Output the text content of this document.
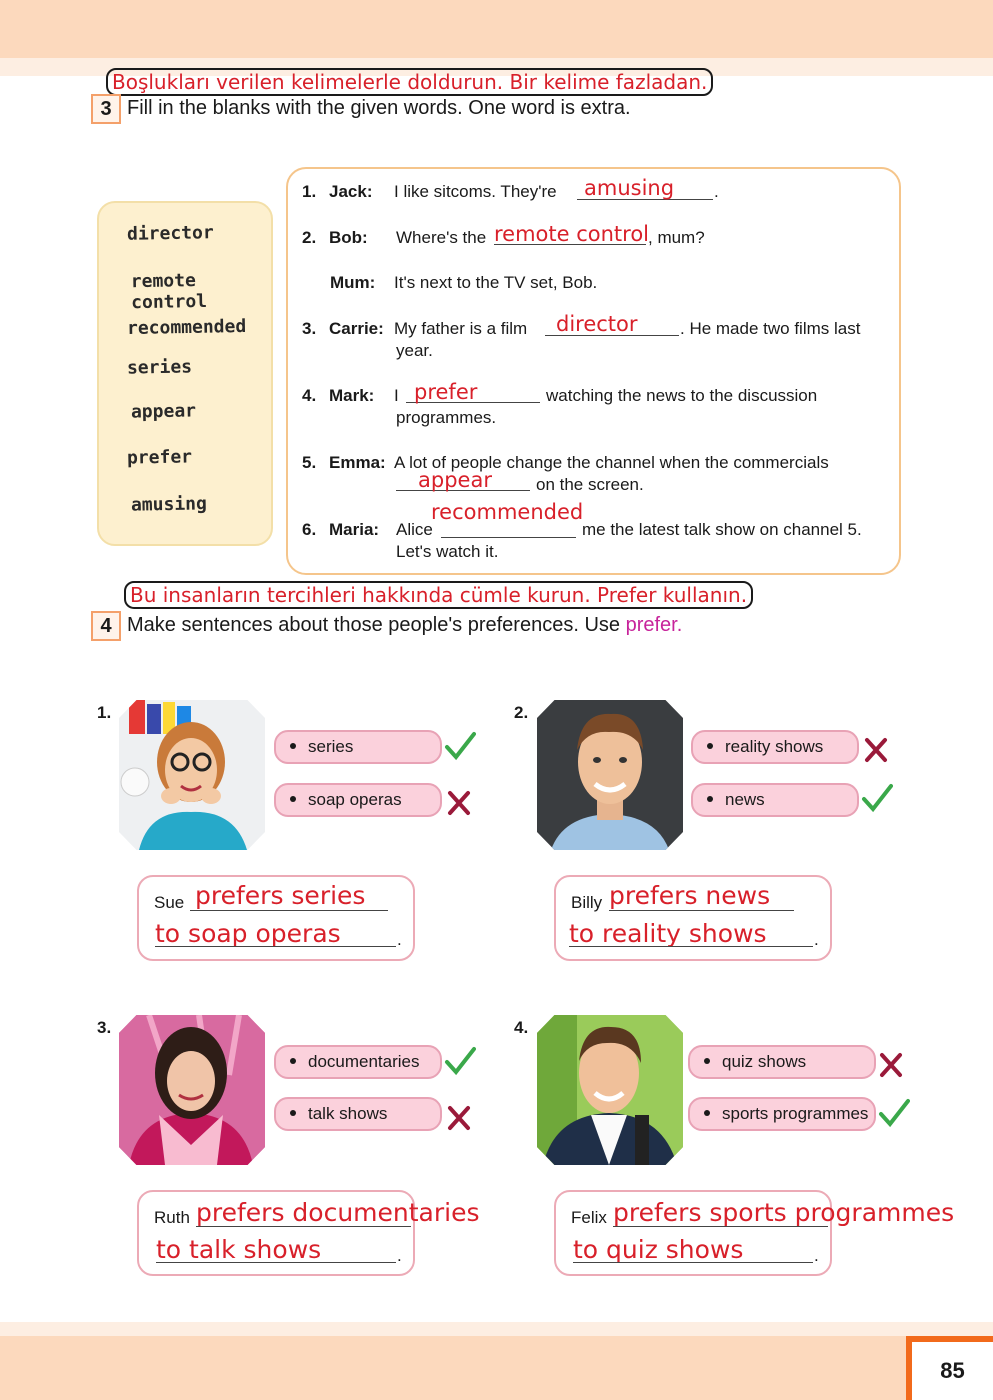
85
Boşlukları verilen kelimelerle doldurun. Bir kelime fazladan.
3 Fill in the blanks with the given words. One word is extra.
director
remote control
recommended
series
appear
prefer
amusing
1. Jack: I like sitcoms. They're amusing .
2. Bob: Where's the remote control
, mum?
Mum: It's next to the TV set, Bob.
3. Carrie: My father is a film director . He made two films last
year.
4. Mark: I prefer	watching the news to the discussion
programmes.
5. Emma: A lot of people change the channel when the commercials
appear	on the screen.
6. Maria: Alice
recommended
me the latest talk show on channel 5.
Let's watch it.
Bu insanların tercihleri hakkında cümle kurun. Prefer kullanın.
4 Make sentences about those people's preferences. Use prefer.
1.
series
soap operas
Sue prefers series
to soap operas	.
2.
reality shows
news
Billy prefers news
to reality shows	.
3.
documentaries
talk shows
Ruth prefers documentaries
to talk shows	.
4.
quiz shows
sports programmes
Felix prefers sports programmes
to quiz shows	.
